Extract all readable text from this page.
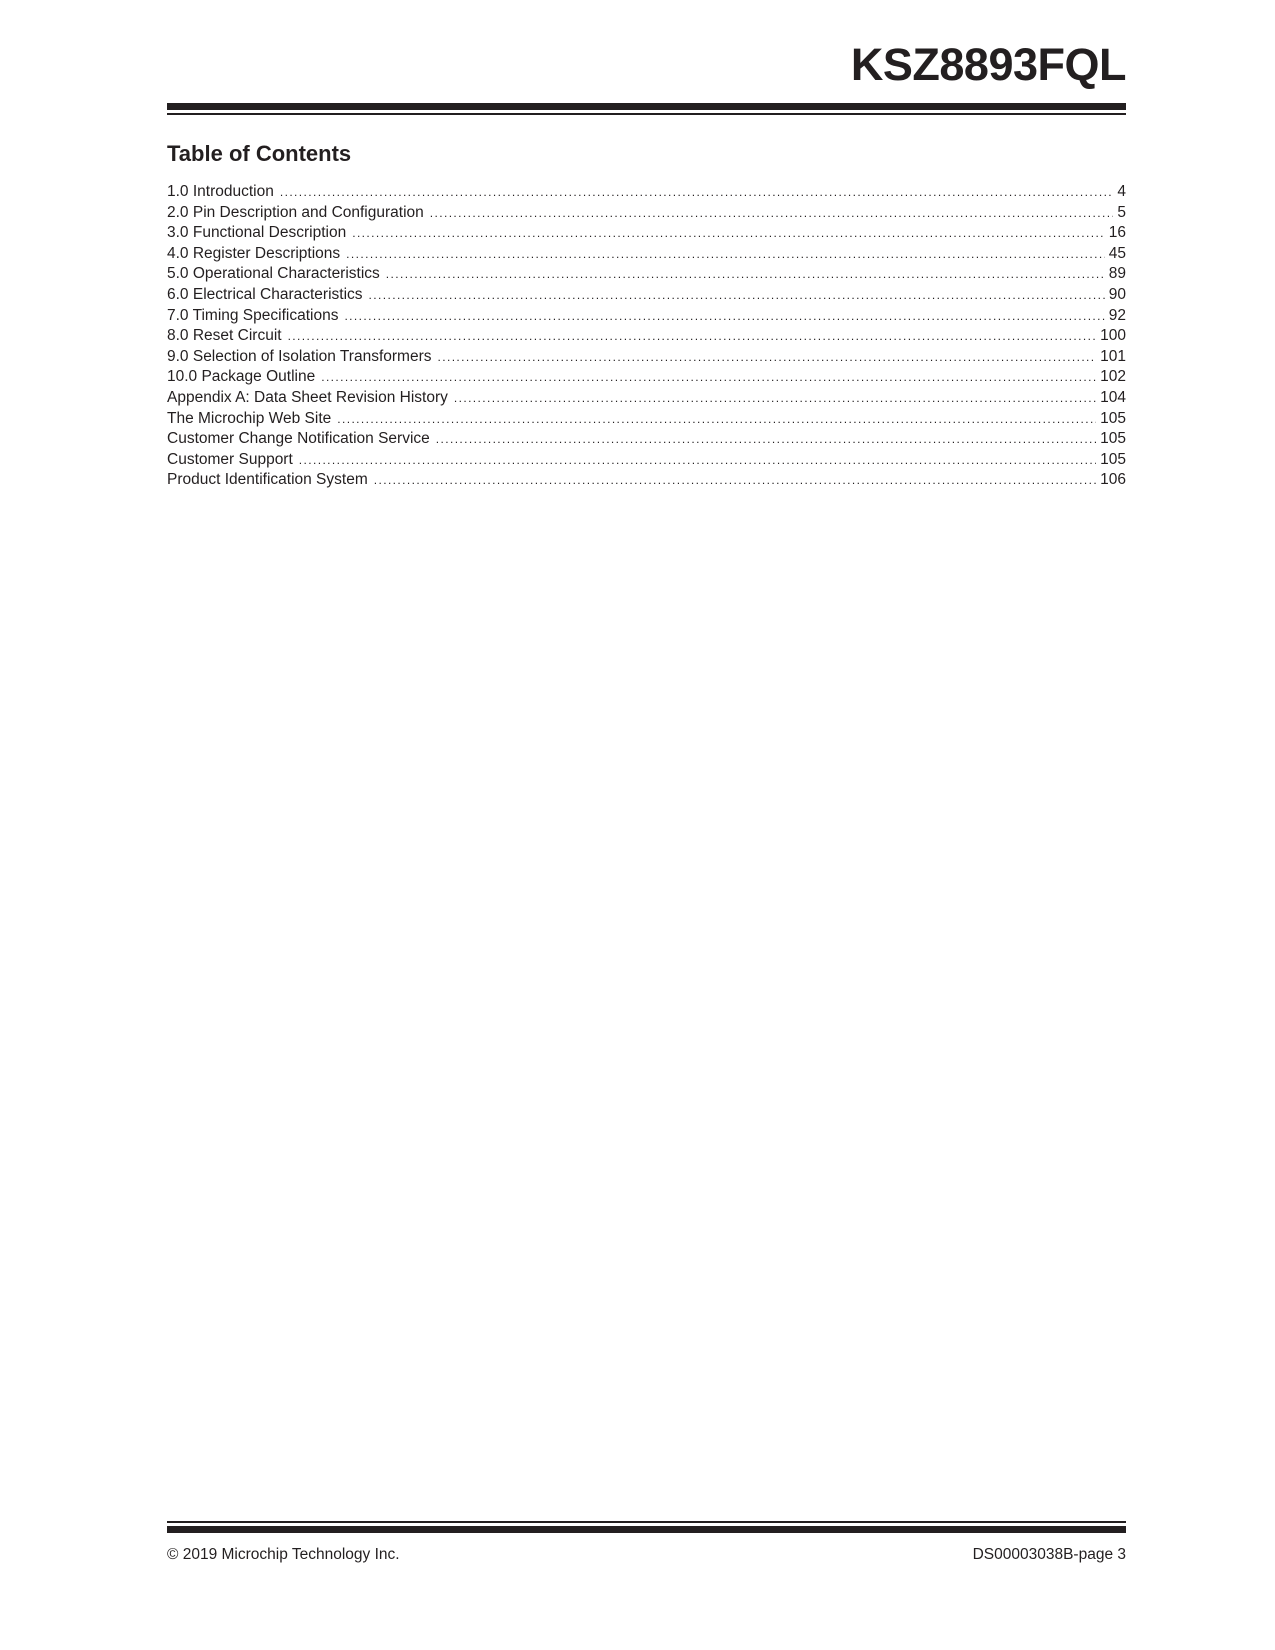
KSZ8893FQL
Table of Contents
1.0 Introduction .....	4
2.0 Pin Description and Configuration .....	5
3.0 Functional Description .....	16
4.0 Register Descriptions .....	45
5.0 Operational Characteristics .....	89
6.0 Electrical Characteristics .....	90
7.0 Timing Specifications .....	92
8.0 Reset Circuit .....	100
9.0 Selection of Isolation Transformers .....	101
10.0 Package Outline .....	102
Appendix A: Data Sheet Revision History .....	104
The Microchip Web Site .....	105
Customer Change Notification Service .....	105
Customer Support .....	105
Product Identification System .....	106
© 2019 Microchip Technology Inc.	DS00003038B-page 3
